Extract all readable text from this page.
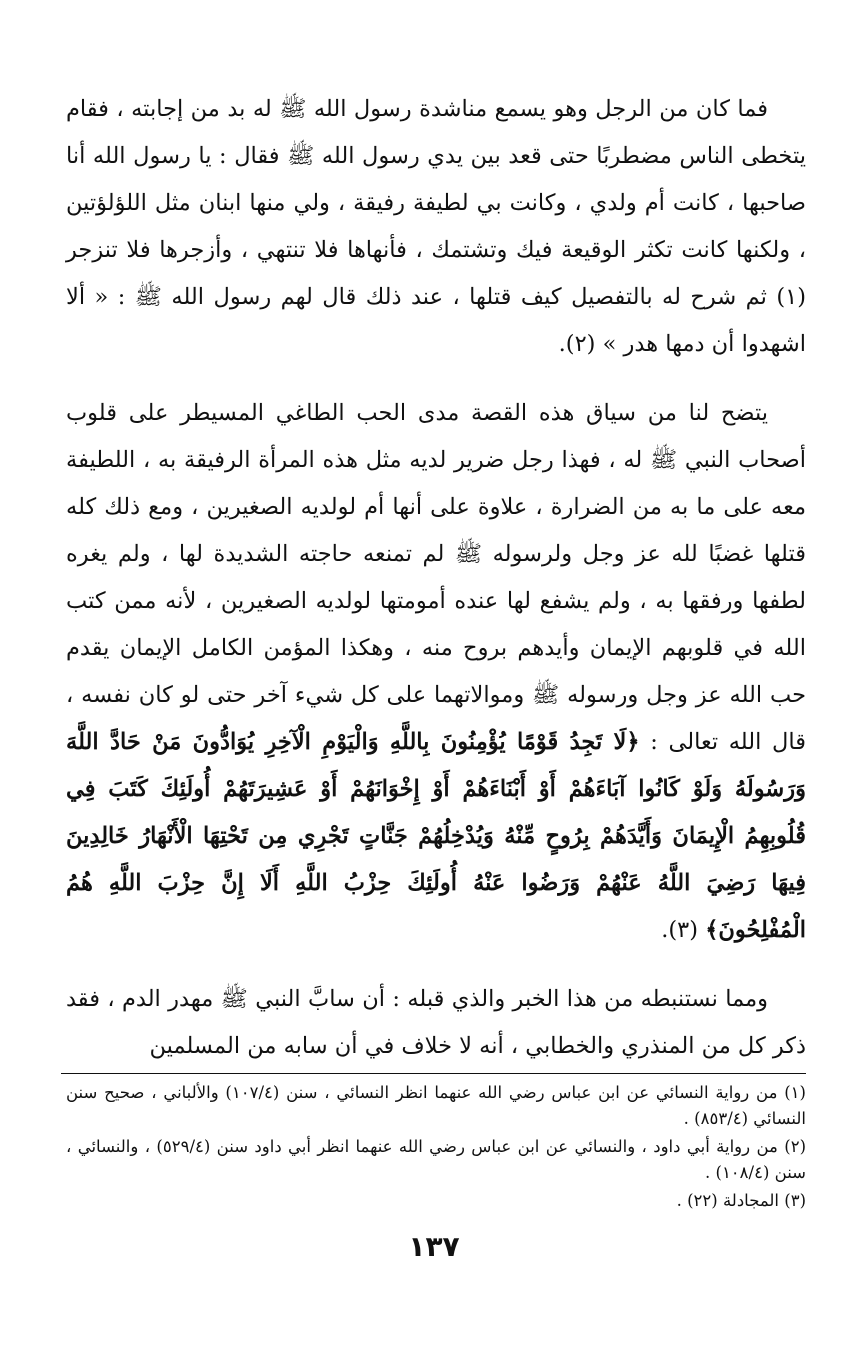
فما كان من الرجل وهو يسمع مناشدة رسول الله ﷺ له بد من إجابته ، فقام يتخطى الناس مضطربًا حتى قعد بين يدي رسول الله ﷺ فقال : يا رسول الله أنا صاحبها ، كانت أم ولدي ، وكانت بي لطيفة رفيقة ، ولي منها ابنان مثل اللؤلؤتين ، ولكنها كانت تكثر الوقيعة فيك وتشتمك ، فأنهاها فلا تنتهي ، وأزجرها فلا تنزجر (١) ثم شرح له بالتفصيل كيف قتلها ، عند ذلك قال لهم رسول الله ﷺ : « ألا اشهدوا أن دمها هدر » (٢).

يتضح لنا من سياق هذه القصة مدى الحب الطاغي المسيطر على قلوب أصحاب النبي ﷺ له ، فهذا رجل ضرير لديه مثل هذه المرأة الرفيقة به ، اللطيفة معه على ما به من الضرارة ، علاوة على أنها أم لولديه الصغيرين ، ومع ذلك كله قتلها غضبًا لله عز وجل ولرسوله ﷺ لم تمنعه حاجته الشديدة لها ، ولم يغره لطفها ورفقها به ، ولم يشفع لها عنده أمومتها لولديه الصغيرين ، لأنه ممن كتب الله في قلوبهم الإيمان وأيدهم بروح منه ، وهكذا المؤمن الكامل الإيمان يقدم حب الله عز وجل ورسوله ﷺ وموالاتهما على كل شيء آخر حتى لو كان نفسه ، قال الله تعالى : ﴿لَا تَجِدُ قَوْمًا يُؤْمِنُونَ بِاللَّهِ وَالْيَوْمِ الْآخِرِ يُوَادُّونَ مَنْ حَادَّ اللَّهَ وَرَسُولَهُ وَلَوْ كَانُوا آبَاءَهُمْ أَوْ أَبْنَاءَهُمْ أَوْ إِخْوَانَهُمْ أَوْ عَشِيرَتَهُمْ أُولَئِكَ كَتَبَ فِي قُلُوبِهِمُ الْإِيمَانَ وَأَيَّدَهُمْ بِرُوحٍ مِّنْهُ وَيُدْخِلُهُمْ جَنَّاتٍ تَجْرِي مِن تَحْتِهَا الْأَنْهَارُ خَالِدِينَ فِيهَا رَضِيَ اللَّهُ عَنْهُمْ وَرَضُوا عَنْهُ أُولَئِكَ حِزْبُ اللَّهِ أَلَا إِنَّ حِزْبَ اللَّهِ هُمُ الْمُفْلِحُونَ﴾ (٣).

ومما نستنبطه من هذا الخبر والذي قبله : أن سابَّ النبي ﷺ مهدر الدم ، فقد ذكر كل من المنذري والخطابي ، أنه لا خلاف في أن سابه من المسلمين

(١) من رواية النسائي عن ابن عباس رضي الله عنهما انظر النسائي ، سنن (١٠٧/٤) والألباني ، صحيح سنن النسائي (٨٥٣/٤) .

(٢) من رواية أبي داود ، والنسائي عن ابن عباس رضي الله عنهما انظر أبي داود سنن (٥٢٩/٤) ، والنسائي ، سنن (١٠٨/٤) .

(٣) المجادلة (٢٢) .

١٣٧
